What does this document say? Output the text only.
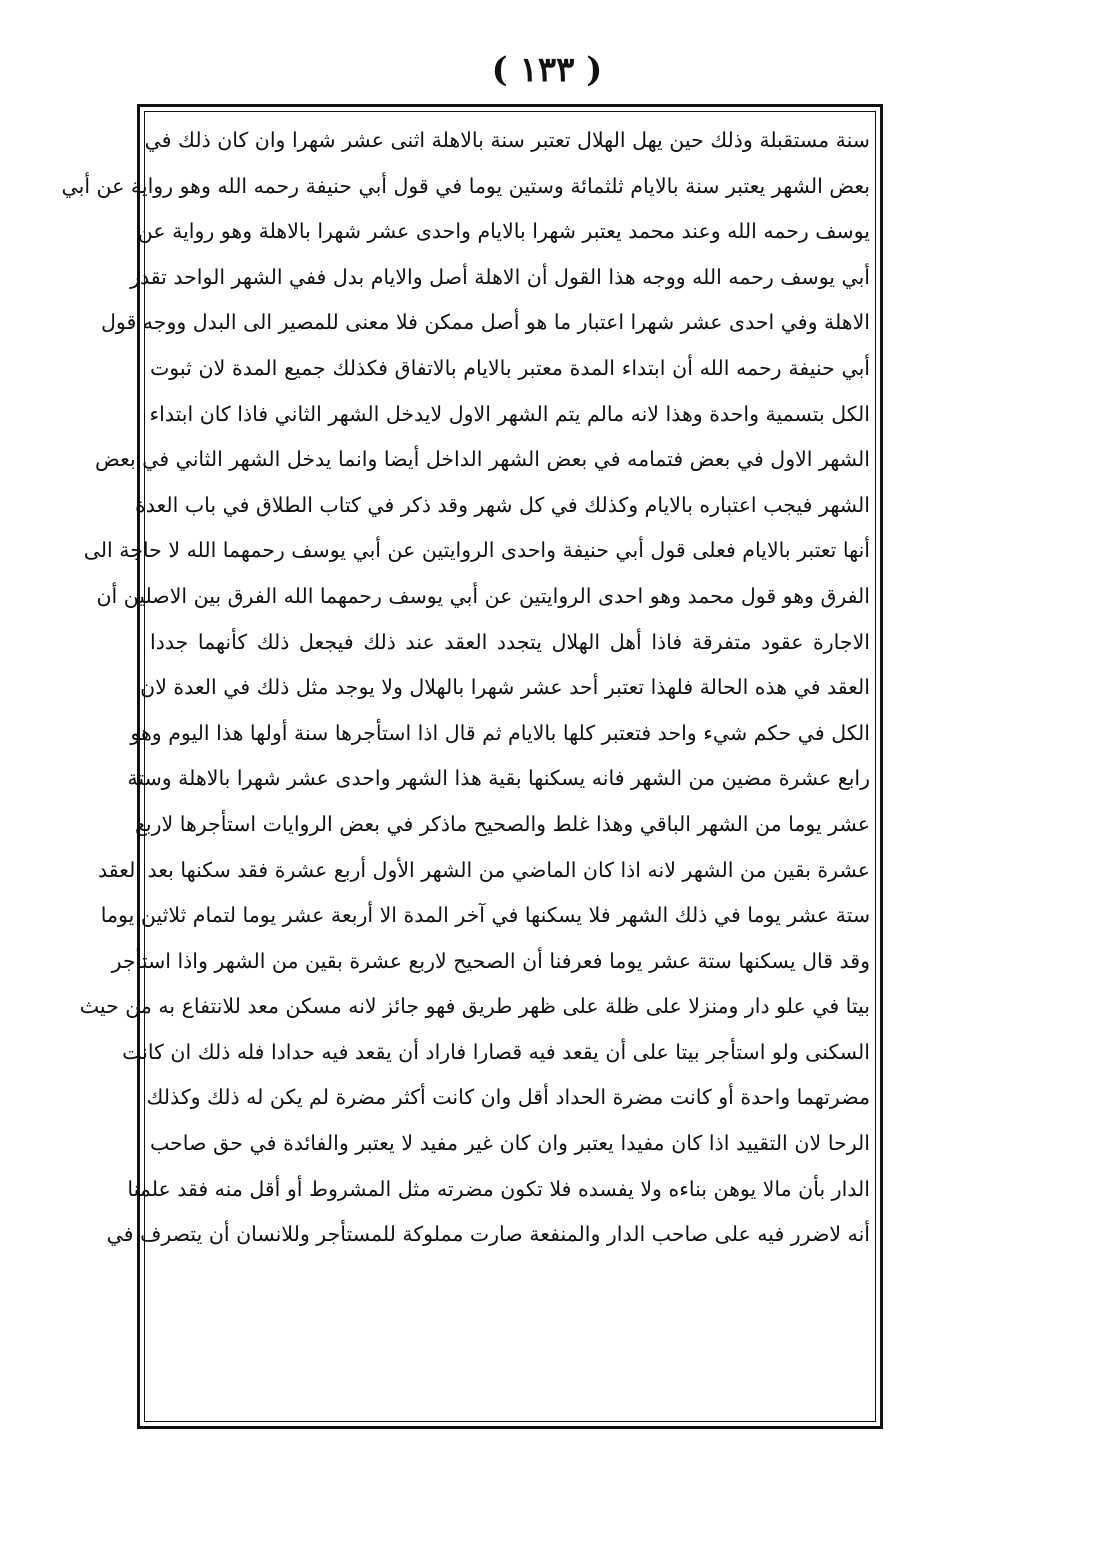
( ١٣٣ )
سنة مستقبلة وذلك حين يهل الهلال تعتبر سنة بالاهلة اثنى عشر شهرا وان كان ذلك في
بعض الشهر يعتبر سنة بالايام ثلثمائة وستين يوما في قول أبي حنيفة رحمه الله وهو رواية عن أبي
يوسف رحمه الله وعند محمد يعتبر شهرا بالايام واحدى عشر شهرا بالاهلة وهو رواية عن
أبي يوسف رحمه الله ووجه هذا القول أن الاهلة أصل والايام بدل ففي الشهر الواحد تقدر
الاهلة وفي احدى عشر شهرا اعتبار ما هو أصل ممكن فلا معنى للمصير الى البدل ووجه قول
أبي حنيفة رحمه الله أن ابتداء المدة معتبر بالايام بالاتفاق فكذلك جميع المدة لان ثبوت
الكل بتسمية واحدة وهذا لانه مالم يتم الشهر الاول لايدخل الشهر الثاني فاذا كان ابتداء
الشهر الاول في بعض فتمامه في بعض الشهر الداخل أيضا وانما يدخل الشهر الثاني في بعض
الشهر فيجب اعتباره بالايام وكذلك في كل شهر وقد ذكر في كتاب الطلاق في باب العدة
أنها تعتبر بالايام فعلى قول أبي حنيفة واحدى الروايتين عن أبي يوسف رحمهما الله لا حاجة الى
الفرق وهو قول محمد وهو احدى الروايتين عن أبي يوسف رحمهما الله الفرق بين الاصلين أن
الاجارة عقود متفرقة فاذا أهل الهلال يتجدد العقد عند ذلك فيجعل ذلك كأنهما جددا
العقد في هذه الحالة فلهذا تعتبر أحد عشر شهرا بالهلال ولا يوجد مثل ذلك في العدة لان
الكل في حكم شيء واحد فتعتبر كلها بالايام ثم قال اذا استأجرها سنة أولها هذا اليوم وهو
رابع عشرة مضين من الشهر فانه يسكنها بقية هذا الشهر واحدى عشر شهرا بالاهلة وستة
عشر يوما من الشهر الباقي وهذا غلط والصحيح ماذكر في بعض الروايات استأجرها لاربع
عشرة بقين من الشهر لانه اذا كان الماضي من الشهر الأول أربع عشرة فقد سكنها بعد العقد
ستة عشر يوما في ذلك الشهر فلا يسكنها في آخر المدة الا أربعة عشر يوما لتمام ثلاثين يوما
وقد قال يسكنها ستة عشر يوما فعرفنا أن الصحيح لاربع عشرة بقين من الشهر واذا استأجر
بيتا في علو دار ومنزلا على ظلة على ظهر طريق فهو جائز لانه مسكن معد للانتفاع به من حيث
السكنى ولو استأجر بيتا على أن يقعد فيه قصارا فاراد أن يقعد فيه حدادا فله ذلك ان كانت
مضرتهما واحدة أو كانت مضرة الحداد أقل وان كانت أكثر مضرة لم يكن له ذلك وكذلك
الرحا لان التقييد اذا كان مفيدا يعتبر وان كان غير مفيد لا يعتبر والفائدة في حق صاحب
الدار بأن مالا يوهن بناءه ولا يفسده فلا تكون مضرته مثل المشروط أو أقل منه فقد علمنا
أنه لاضرر فيه على صاحب الدار والمنفعة صارت مملوكة للمستأجر وللانسان أن يتصرف في
